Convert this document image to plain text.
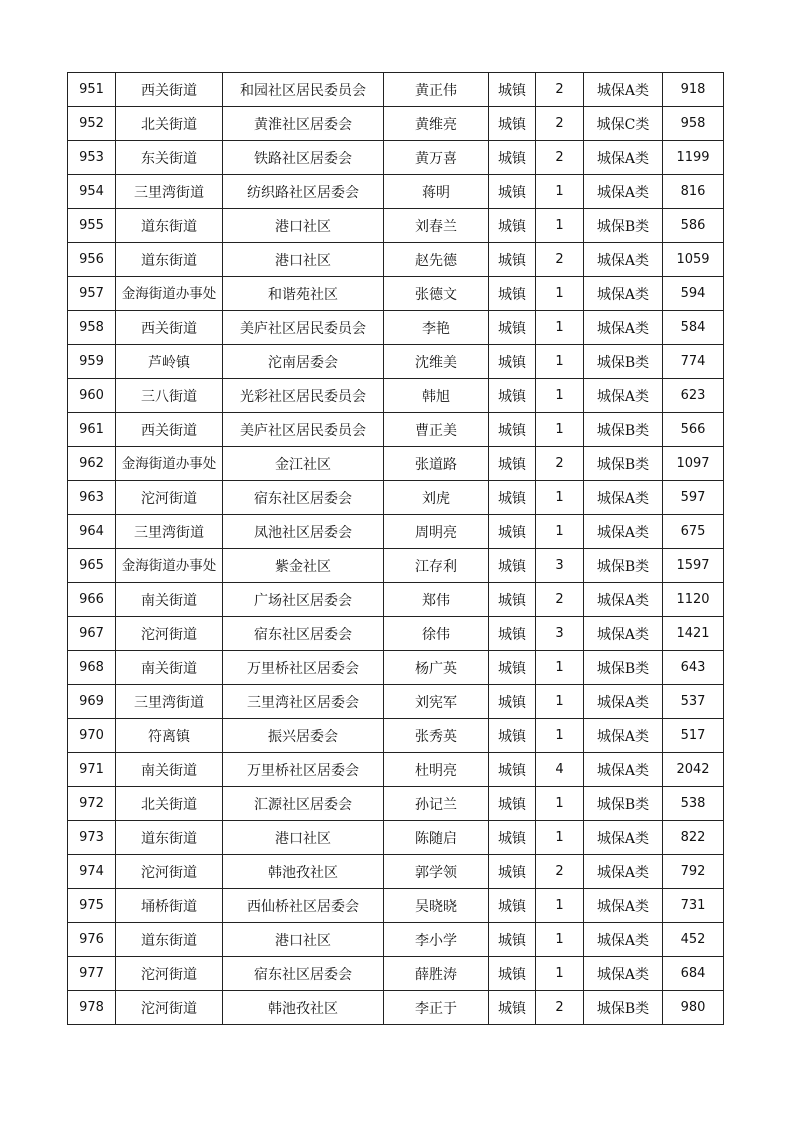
951	西关街道	和园社区居民委员会	黄正伟	城镇	2	城保A类	918
952	北关街道	黄淮社区居委会	黄维亮	城镇	2	城保C类	958
953	东关街道	铁路社区居委会	黄万喜	城镇	2	城保A类	1199
954	三里湾街道	纺织路社区居委会	蒋明	城镇	1	城保A类	816
955	道东街道	港口社区	刘春兰	城镇	1	城保B类	586
956	道东街道	港口社区	赵先德	城镇	2	城保A类	1059
957	金海街道办事处	和谐苑社区	张德文	城镇	1	城保A类	594
958	西关街道	美庐社区居民委员会	李艳	城镇	1	城保A类	584
959	芦岭镇	沱南居委会	沈维美	城镇	1	城保B类	774
960	三八街道	光彩社区居民委员会	韩旭	城镇	1	城保A类	623
961	西关街道	美庐社区居民委员会	曹正美	城镇	1	城保B类	566
962	金海街道办事处	金江社区	张道路	城镇	2	城保B类	1097
963	沱河街道	宿东社区居委会	刘虎	城镇	1	城保A类	597
964	三里湾街道	凤池社区居委会	周明亮	城镇	1	城保A类	675
965	金海街道办事处	紫金社区	江存利	城镇	3	城保B类	1597
966	南关街道	广场社区居委会	郑伟	城镇	2	城保A类	1120
967	沱河街道	宿东社区居委会	徐伟	城镇	3	城保A类	1421
968	南关街道	万里桥社区居委会	杨广英	城镇	1	城保B类	643
969	三里湾街道	三里湾社区居委会	刘宪军	城镇	1	城保A类	537
970	符离镇	振兴居委会	张秀英	城镇	1	城保A类	517
971	南关街道	万里桥社区居委会	杜明亮	城镇	4	城保A类	2042
972	北关街道	汇源社区居委会	孙记兰	城镇	1	城保B类	538
973	道东街道	港口社区	陈随启	城镇	1	城保A类	822
974	沱河街道	韩池孜社区	郭学领	城镇	2	城保A类	792
975	埇桥街道	西仙桥社区居委会	吴晓晓	城镇	1	城保A类	731
976	道东街道	港口社区	李小学	城镇	1	城保A类	452
977	沱河街道	宿东社区居委会	薛胜涛	城镇	1	城保A类	684
978	沱河街道	韩池孜社区	李正于	城镇	2	城保B类	980
